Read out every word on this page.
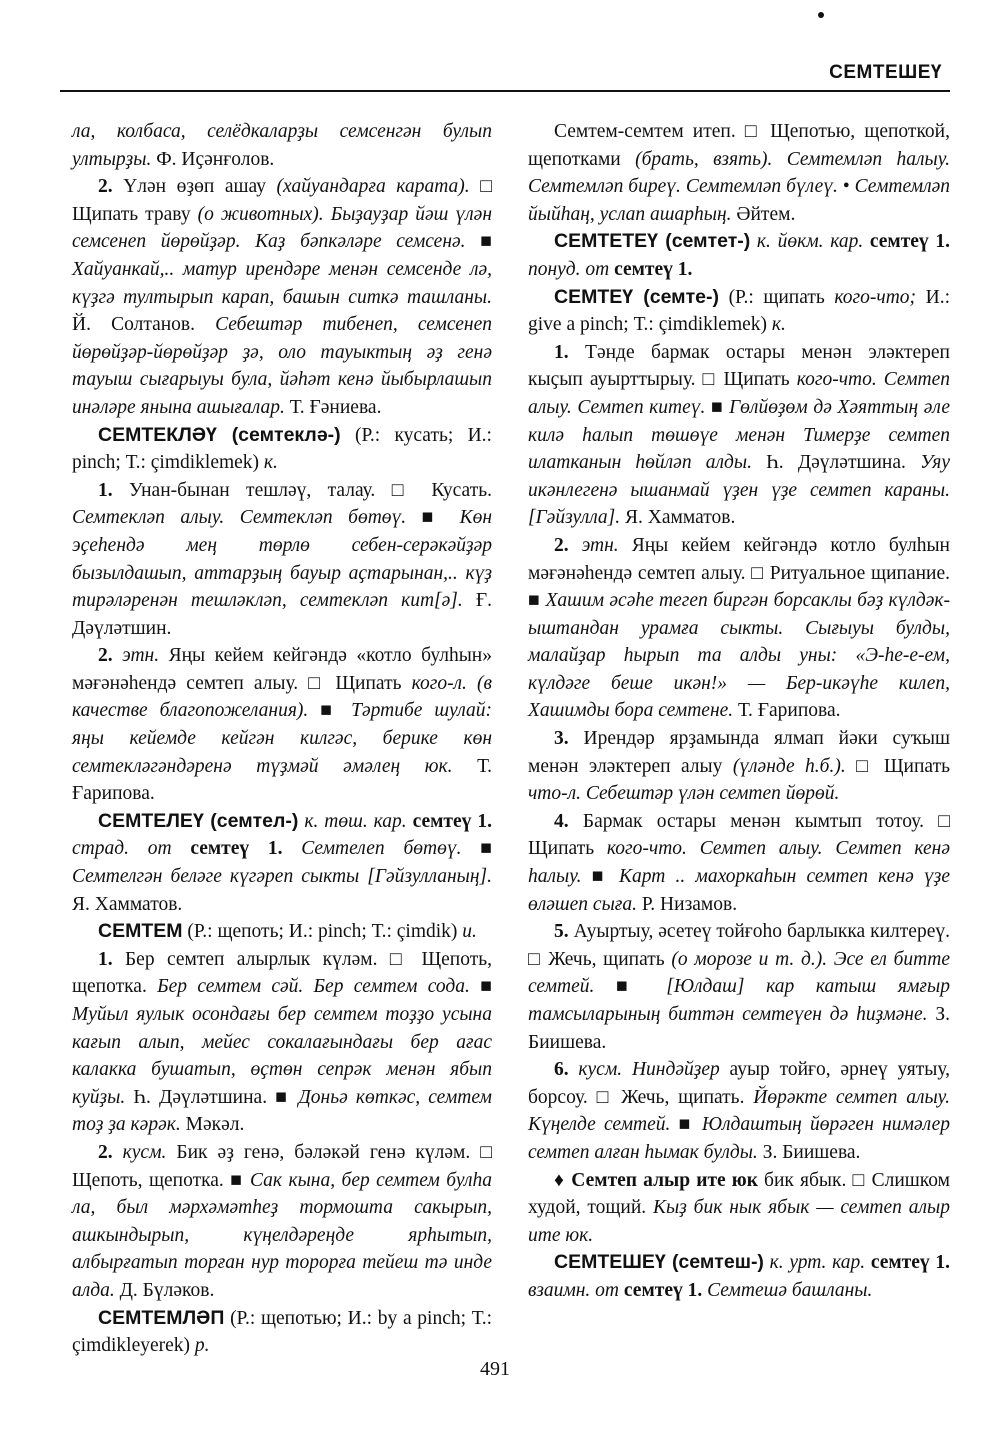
СЕМТЕШЕҮ

ла, колбаса, селёдкаларҙы семсенгән булып ултырҙы. Ф. Иҫәнғолов.

2. Үлән өҙөп ашау (хайуандарға карата). □ Щипать траву (о животных). Быҙауҙар йәш үлән семсенеп йөрөйҙәр. Каҙ бәпкәләре семсенә. ■ Хайуанкай,.. матур ирендәре менән семсенде лә, күҙгә тултырып карап, башын ситкә ташланы. Й. Солтанов. Себештәр тибенеп, семсенеп йөрөйҙәр-йөрөйҙәр ҙә, оло тауыктың әҙ генә тауыш сығарыуы була, йәһәт кенә йыбырлашып инәләре янына ашығалар. Т. Ғәниева.

СЕМТЕКЛӘҮ (семтеклә-) (Р.: кусать; И.: pinch; Т.: çimdiklemek) к.

1. Унан-бынан тешләү, талау. □ Кусать. Семтекләп алыу. Семтекләп бөтөү. ■ Көн эҫеһендә мең төрлө себен-серәкәйҙәр бызылдашып, аттарҙың бауыр аҫтарынан,.. күҙ тирәләренән тешләкләп, семтекләп кит[ә]. Ғ. Дәүләтшин.

2. этн. Яңы кейем кейгәндә «котло булһын» мәғәнәһендә семтеп алыу. □ Щипать кого-л. (в качестве благопожелания). ■ Тәртибе шулай: яңы кейемде кейгән килгәс, берике көн семтекләгәндәренә түҙмәй әмәлең юк. Т. Ғарипова.

СЕМТЕЛЕҮ (семтел-) к. төш. кар. семтеү 1. страд. от семтеү 1. Семтелеп бөтөү. ■ Семтелгән беләге күгәреп сыкты [Гәйзулланың]. Я. Хамматов.

СЕМТЕМ (Р.: щепоть; И.: pinch; Т.: çimdik) и.

1. Бер семтеп алырлык күләм. □ Щепоть, щепотка. Бер семтем сәй. Бер семтем сода. ■ Муйыл яулык осондағы бер семтем тоҙҙо усына кағып алып, мейес сокалағындағы бер ағас калакка бушатып, өҫтөн сепрәк менән ябып куйҙы. Һ. Дәүләтшина. ■ Доньә көткәс, семтем тоҙ ҙа кәрәк. Мәкәл.

2. кусм. Бик әҙ генә, бәләкәй генә күләм. □ Щепоть, щепотка. ■ Сак кына, бер семтем булһа ла, был мәрхәмәтһеҙ тормошта сакырып, ашкындырып, күңелдәреңде ярһытып, албырғатып торған нур торорға тейеш тә инде алда. Д. Бүләков.

СЕМТЕМЛӘП (Р.: щепотью; И.: by a pinch; Т.: çimdikleyerek) р.

Семтем-семтем итеп. □ Щепотью, щепоткой, щепотками (брать, взять). Семтемләп һалыу. Семтемләп биреү. Семтемләп бүлеү. • Семтемләп йыйһаң, услап ашарһың. Әйтем.

СЕМТЕТЕҮ (семтет-) к. йөкм. кар. семтеү 1. понуд. от семтеү 1.

СЕМТЕҮ (семте-) (Р.: щипать кого-что; И.: give a pinch; Т.: çimdiklemek) к.

1. Тәнде бармак остары менән эләктереп кыҫып ауырттырыу. □ Щипать кого-что. Семтеп алыу. Семтеп китеү. ■ Гөлйөҙөм дә Хәяттың әле килә һалып төшөүе менән Тимерҙе семтеп илатканын һөйләп алды. Һ. Дәүләтшина. Уяу икәнлегенә ышанмай үҙен үҙе семтеп караны. [Гәйзулла]. Я. Хамматов.

2. этн. Яңы кейем кейгәндә котло булһын мәғәнәһендә семтеп алыу. □ Ритуальное щипание. ■ Хашим әсәһе тегеп биргән борсаклы бәҙ күлдәк-ыштандан урамға сыкты. Сығыуы булды, малайҙар һырып та алды уны: «Э-һе-е-ем, күлдәге беше икән!» — Бер-икәүһе килеп, Хашимды бора семтене. Т. Ғарипова.

3. Ирендәр ярҙамында ялмап йәки суҡыш менән эләктереп алыу (үләнде һ.б.). □ Щипать что-л. Себештәр үлән семтеп йөрөй.

4. Бармак остары менән кымтып тотоу. □ Щипать кого-что. Семтеп алыу. Семтеп кенә һалыу. ■ Карт .. махоркаһын семтеп кенә үҙе өләшеп сыға. Р. Низамов.

5. Ауыртыу, әсетеү тойғоһо барлыкка килтереү. □ Жечь, щипать (о морозе и т. д.). Эсе ел битте семтей. ■ [Юлдаш] кар катыш ямғыр тамсыларының биттән семтеүен дә һиҙмәне. З. Биишева.

6. кусм. Ниндәйҙер ауыр тойғо, әрнеү уятыу, борсоу. □ Жечь, щипать. Йөрәкте семтеп алыу. Күңелде семтей. ■ Юлдаштың йөрәген нимәлер семтеп алған һымак булды. З. Биишева.

♦ Семтеп алыр ите юк бик ябык. □ Слишком худой, тощий. Кыҙ бик нык ябык — семтеп алыр ите юк.

СЕМТЕШЕҮ (семтеш-) к. урт. кар. семтеү 1. взаимн. от семтеү 1. Семтешә башланы.

491
